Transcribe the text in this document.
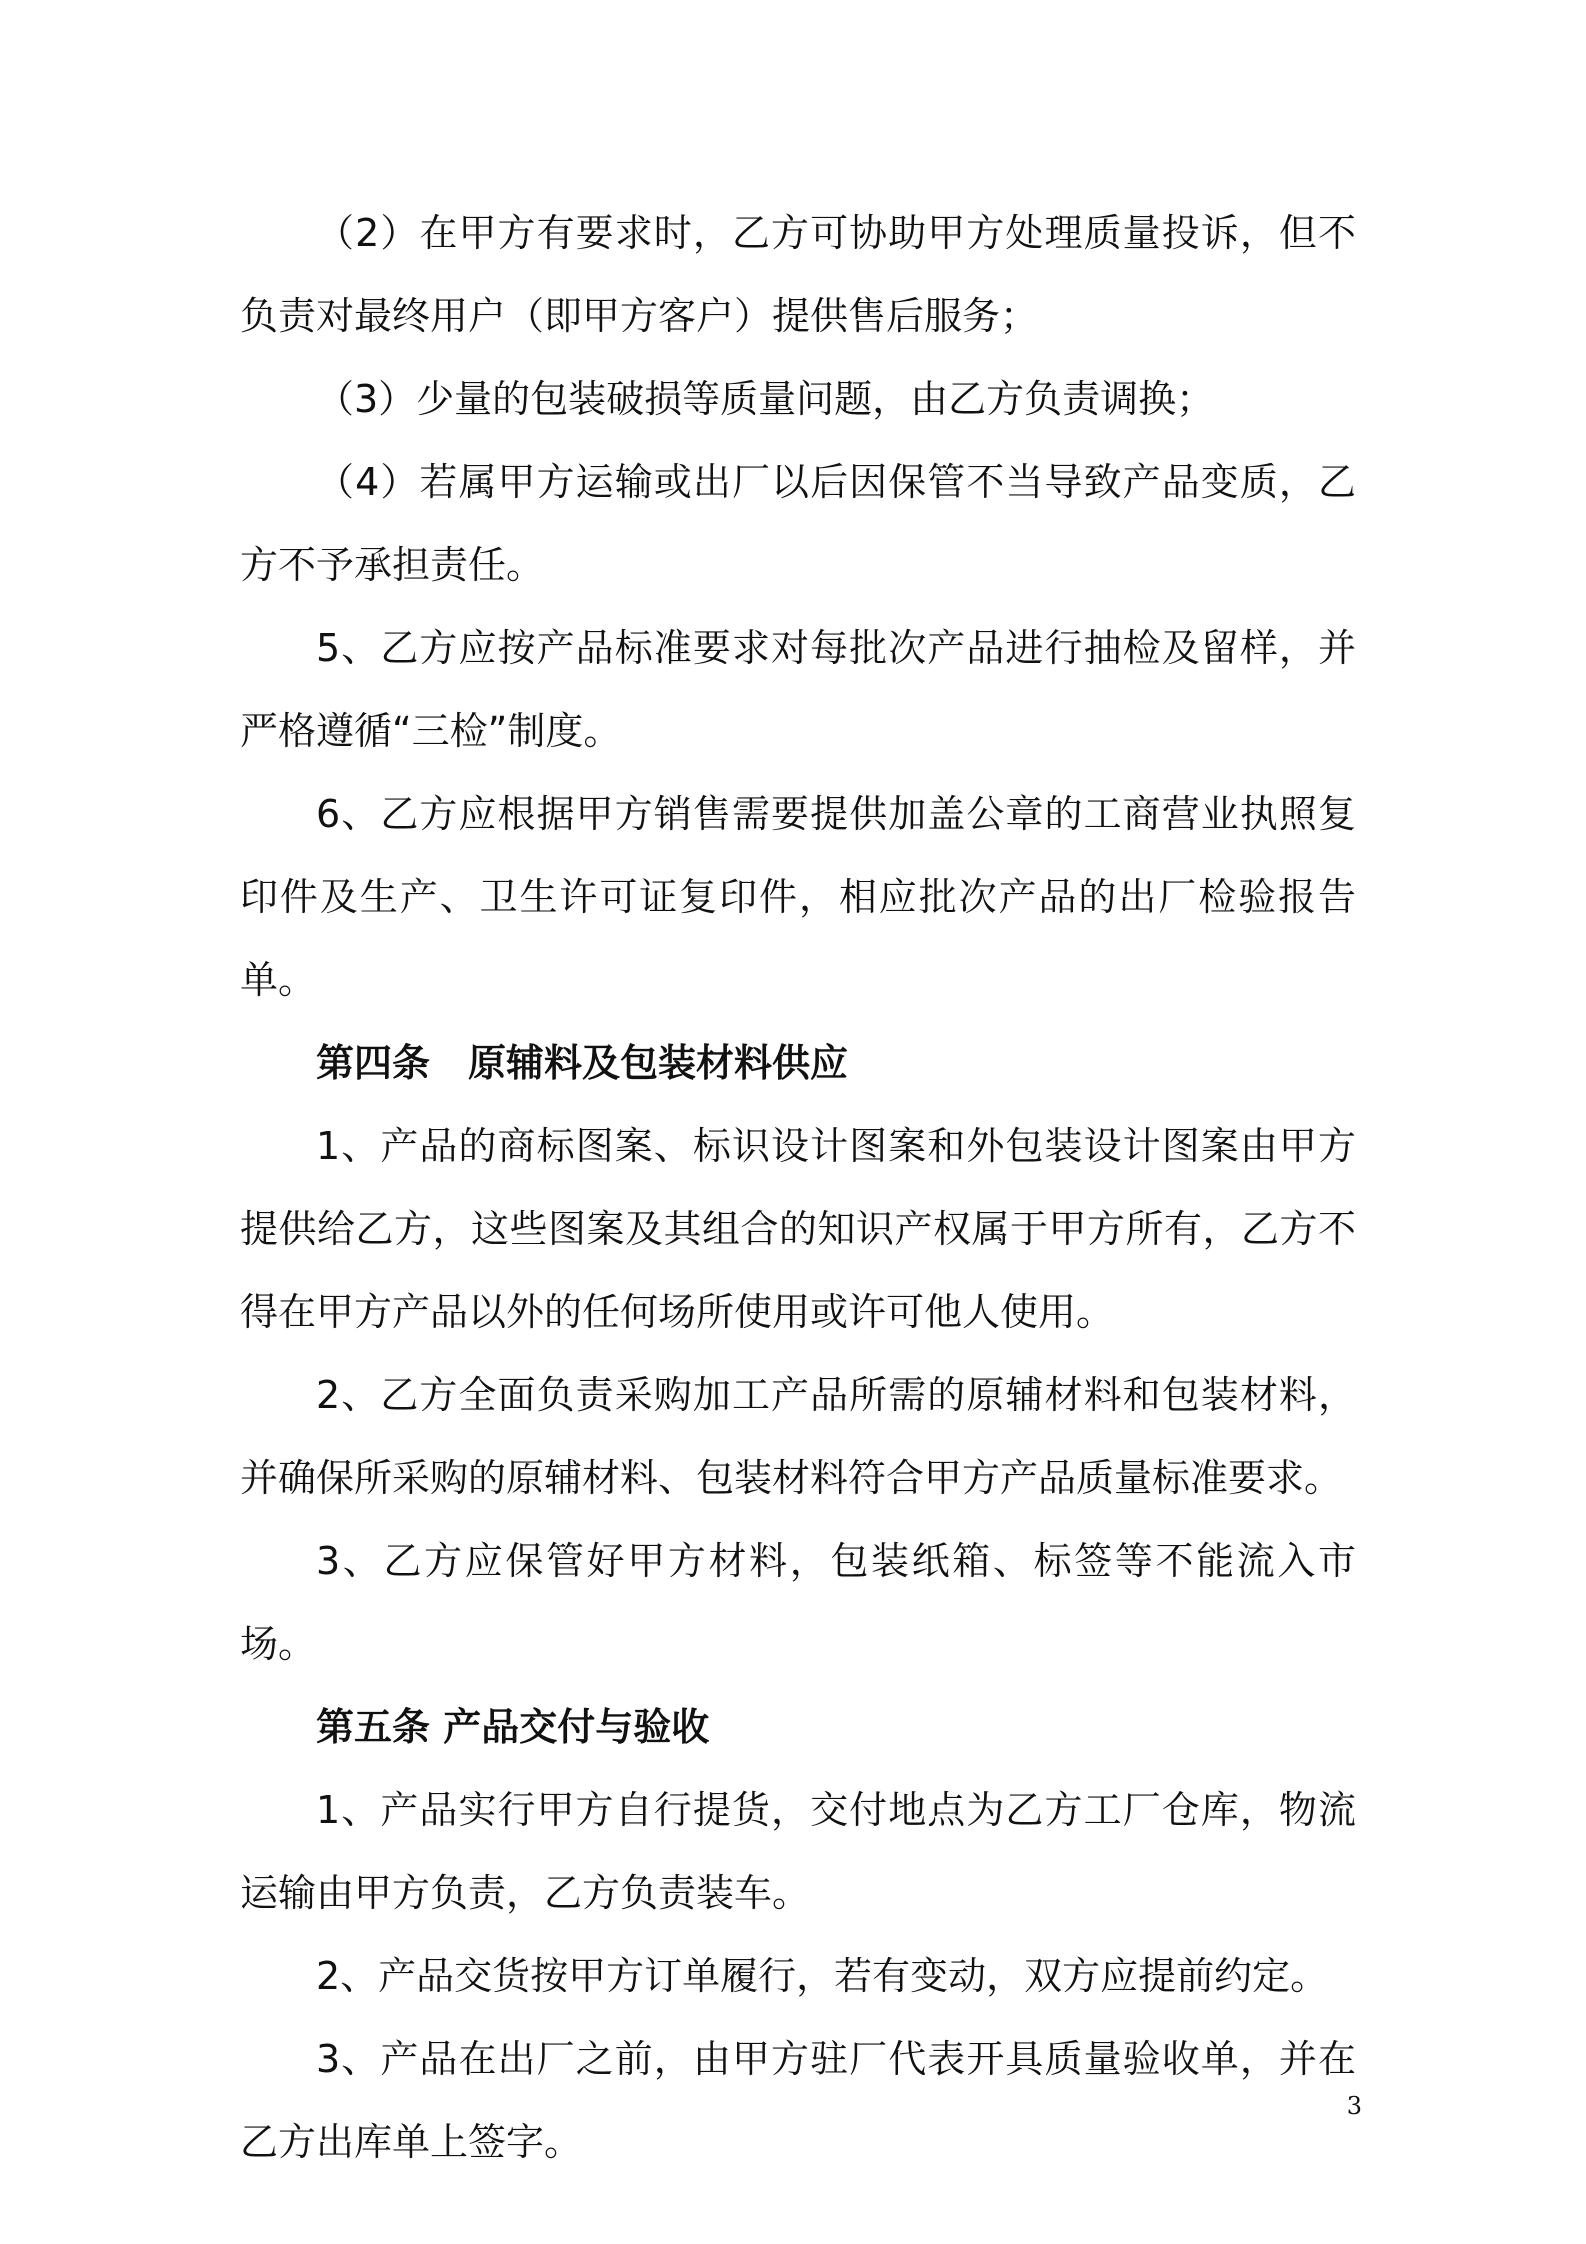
（2）在甲方有要求时，乙方可协助甲方处理质量投诉，但不负责对最终用户（即甲方客户）提供售后服务；

（3）少量的包装破损等质量问题，由乙方负责调换；

（4）若属甲方运输或出厂以后因保管不当导致产品变质，乙方不予承担责任。

5、乙方应按产品标准要求对每批次产品进行抽检及留样，并严格遵循“三检”制度。

6、乙方应根据甲方销售需要提供加盖公章的工商营业执照复印件及生产、卫生许可证复印件，相应批次产品的出厂检验报告单。

第四条　原辅料及包装材料供应

1、产品的商标图案、标识设计图案和外包装设计图案由甲方提供给乙方，这些图案及其组合的知识产权属于甲方所有，乙方不得在甲方产品以外的任何场所使用或许可他人使用。

2、乙方全面负责采购加工产品所需的原辅材料和包装材料，并确保所采购的原辅材料、包装材料符合甲方产品质量标准要求。

3、乙方应保管好甲方材料，包装纸箱、标签等不能流入市场。

第五条 产品交付与验收

1、产品实行甲方自行提货，交付地点为乙方工厂仓库，物流运输由甲方负责，乙方负责装车。

2、产品交货按甲方订单履行，若有变动，双方应提前约定。

3、产品在出厂之前，由甲方驻厂代表开具质量验收单，并在乙方出库单上签字。

3
